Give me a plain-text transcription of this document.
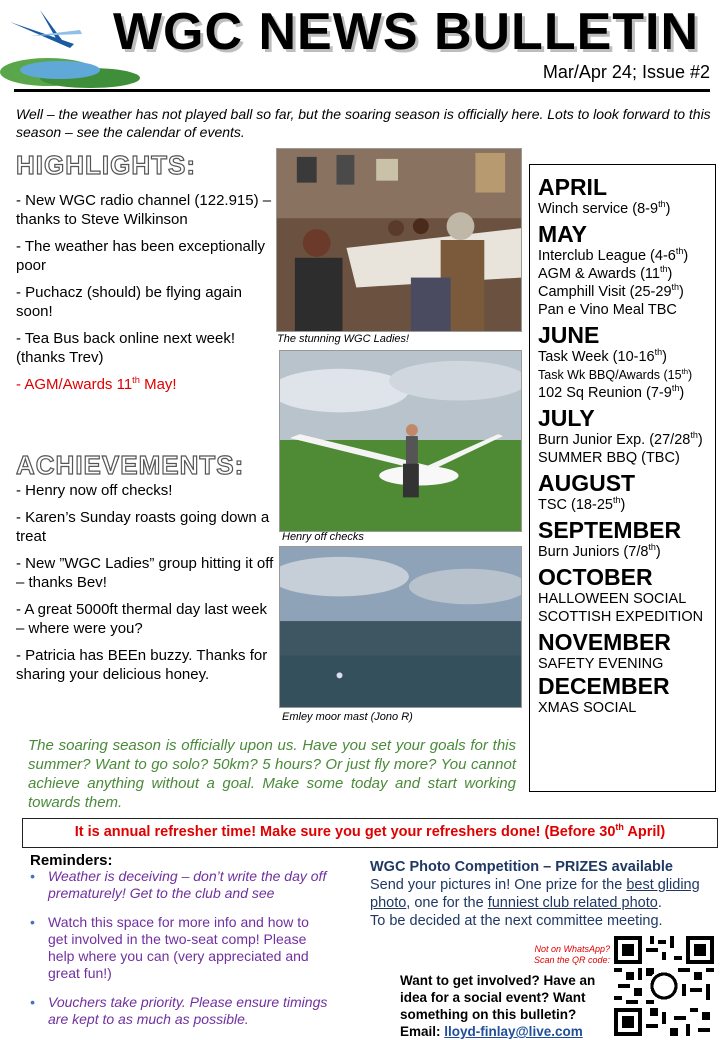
WGC NEWS BULLETIN
Mar/Apr 24; Issue #2
Well – the weather has not played ball so far, but the soaring season is officially here. Lots to look forward to this season – see the calendar of events.
HIGHLIGHTS:

- New WGC radio channel (122.915) – thanks to Steve Wilkinson

- The weather has been exceptionally poor

- Puchacz (should) be flying again soon!

- Tea Bus back online next week! (thanks Trev)

- AGM/Awards 11th May!

ACHIEVEMENTS:

- Henry now off checks!

- Karen’s Sunday roasts going down a treat

- New ”WGC Ladies” group hitting it off – thanks Bev!

- A great 5000ft thermal day last week – where were you?

- Patricia has BEEn buzzy. Thanks for sharing your delicious honey.

The stunning WGC Ladies!
Henry off checks
Emley moor mast (Jono R)
APRIL
Winch service (8-9th)
MAY
Interclub League (4-6th)
AGM & Awards (11th)
Camphill Visit (25-29th)
Pan e Vino Meal TBC
JUNE
Task Week (10-16th)
Task Wk BBQ/Awards (15th)
102 Sq Reunion (7-9th)
JULY
Burn Junior Exp. (27/28th)
SUMMER BBQ (TBC)
AUGUST
TSC (18-25th)
SEPTEMBER
Burn Juniors (7/8th)
OCTOBER
HALLOWEEN SOCIAL
SCOTTISH EXPEDITION
NOVEMBER
SAFETY EVENING
DECEMBER
XMAS SOCIAL
The soaring season is officially upon us. Have you set your goals for this summer? Want to go solo? 50km? 5 hours? Or just fly more? You cannot achieve anything without a goal. Make some today and start working towards them.
It is annual refresher time! Make sure you get your refreshers done! (Before 30th April)
Reminders:
• Weather is deceiving – don’t write the day off prematurely! Get to the club and see
• Watch this space for more info and how to get involved in the two-seat comp! Please help where you can (very appreciated and great fun!)
• Vouchers take priority. Please ensure timings are kept to as much as possible.
WGC Photo Competition – PRIZES available
Send your pictures in! One prize for the best gliding photo, one for the funniest club related photo.
To be decided at the next committee meeting.
Not on WhatsApp?
Scan the QR code:
Want to get involved? Have an idea for a social event? Want something on this bulletin?
Email: lloyd-finlay@live.com
